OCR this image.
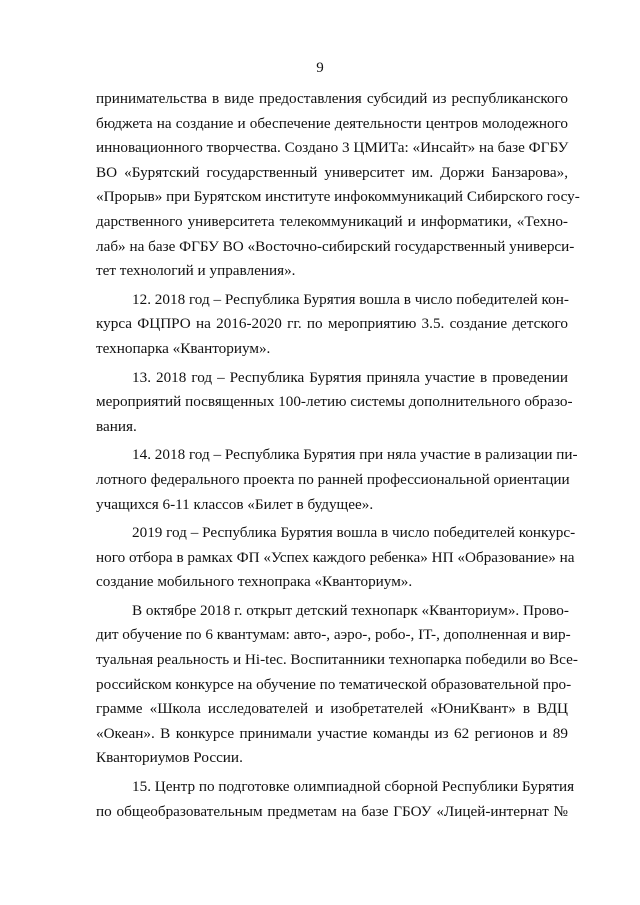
9
принимательства в виде предоставления субсидий из республиканского
бюджета на создание и обеспечение деятельности центров молодежного
инновационного творчества. Создано 3 ЦМИТа: «Инсайт» на базе ФГБУ
ВО «Бурятский государственный университет им. Доржи Банзарова»,
«Прорыв» при Бурятском институте инфокоммуникаций Сибирского госу-
дарственного университета телекоммуникаций и информатики, «Техно-
лаб» на базе ФГБУ ВО «Восточно-сибирский государственный универси-
тет технологий и управления».
12. 2018 год – Республика Бурятия вошла в число победителей кон-
курса ФЦПРО на 2016-2020 гг. по мероприятию 3.5. создание детского
технопарка «Кванториум».
13. 2018 год – Республика Бурятия приняла участие в проведении
мероприятий посвященных 100-летию системы дополнительного образо-
вания.
14. 2018 год – Республика Бурятия при няла участие в рализации пи-
лотного федерального проекта по ранней профессиональной ориентации
учащихся 6-11 классов «Билет в будущее».
2019 год – Республика Бурятия вошла в число победителей конкурс-
ного отбора в рамках ФП «Успех каждого ребенка» НП «Образование» на
создание мобильного технопрака «Кванториум».
В октябре 2018 г. открыт детский технопарк «Кванториум». Прово-
дит обучение по 6 квантумам: авто-, аэро-, робо-, IT-, дополненная и вир-
туальная реальность и Hi-tec. Воспитанники технопарка победили во Все-
российском конкурсе на обучение по тематической образовательной про-
грамме «Школа исследователей и изобретателей «ЮниКвант» в ВДЦ
«Океан». В конкурсе принимали участие команды из 62 регионов и 89
Кванториумов России.
15. Центр по подготовке олимпиадной сборной Республики Бурятия
по общеобразовательным предметам на базе ГБОУ «Лицей-интернат №
